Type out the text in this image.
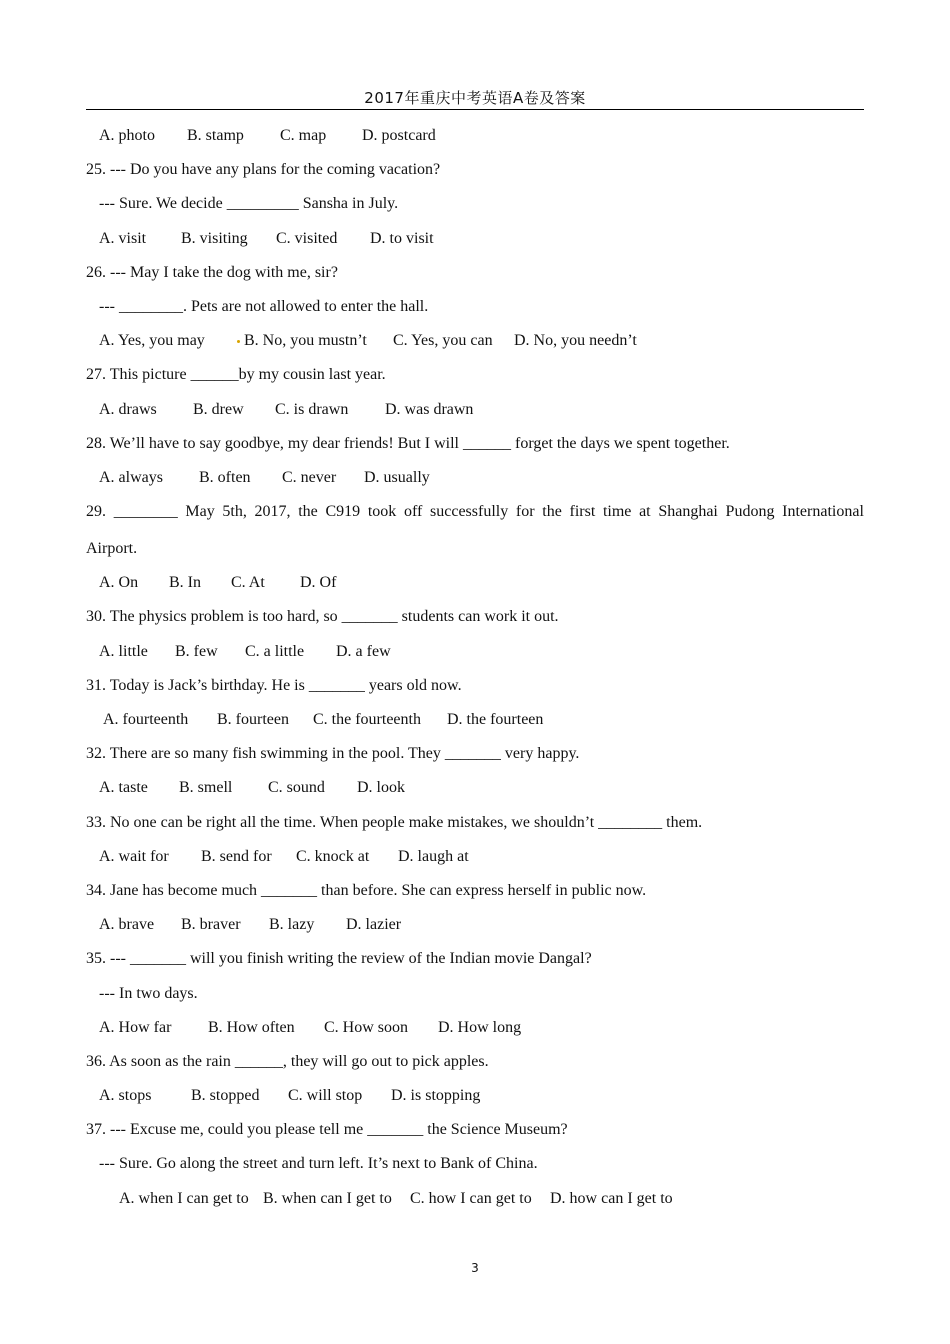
2017年重庆中考英语A卷及答案
A. photo B. stamp C. map D. postcard
25. --- Do you have any plans for the coming vacation?
--- Sure. We decide _________ Sansha in July.
A. visit B. visiting C. visited D. to visit
26. --- May I take the dog with me, sir?
--- ________. Pets are not allowed to enter the hall.
A. Yes, you may B. No, you mustn’t C. Yes, you can D. No, you needn’t
27. This picture ______by my cousin last year.
A. draws B. drew C. is drawn D. was drawn
28. We’ll have to say goodbye, my dear friends! But I will ______ forget the days we spent together.
A. always B. often C. never D. usually
29. ________ May 5th, 2017, the C919 took off successfully for the first time at Shanghai Pudong International
Airport.
A. On B. In C. At D. Of
30. The physics problem is too hard, so _______ students can work it out.
A. little B. few C. a little D. a few
31. Today is Jack’s birthday. He is _______ years old now.
A. fourteenth B. fourteen C. the fourteenth D. the fourteen
32. There are so many fish swimming in the pool. They _______ very happy.
A. taste B. smell C. sound D. look
33. No one can be right all the time. When people make mistakes, we shouldn’t ________ them.
A. wait for B. send for C. knock at D. laugh at
34. Jane has become much _______ than before. She can express herself in public now.
A. brave B. braver B. lazy D. lazier
35. --- _______ will you finish writing the review of the Indian movie Dangal?
--- In two days.
A. How far B. How often C. How soon D. How long
36. As soon as the rain ______, they will go out to pick apples.
A. stops B. stopped C. will stop D. is stopping
37. --- Excuse me, could you please tell me _______ the Science Museum?
--- Sure. Go along the street and turn left. It’s next to Bank of China.
A. when I can get to B. when can I get to C. how I can get to D. how can I get to
3
